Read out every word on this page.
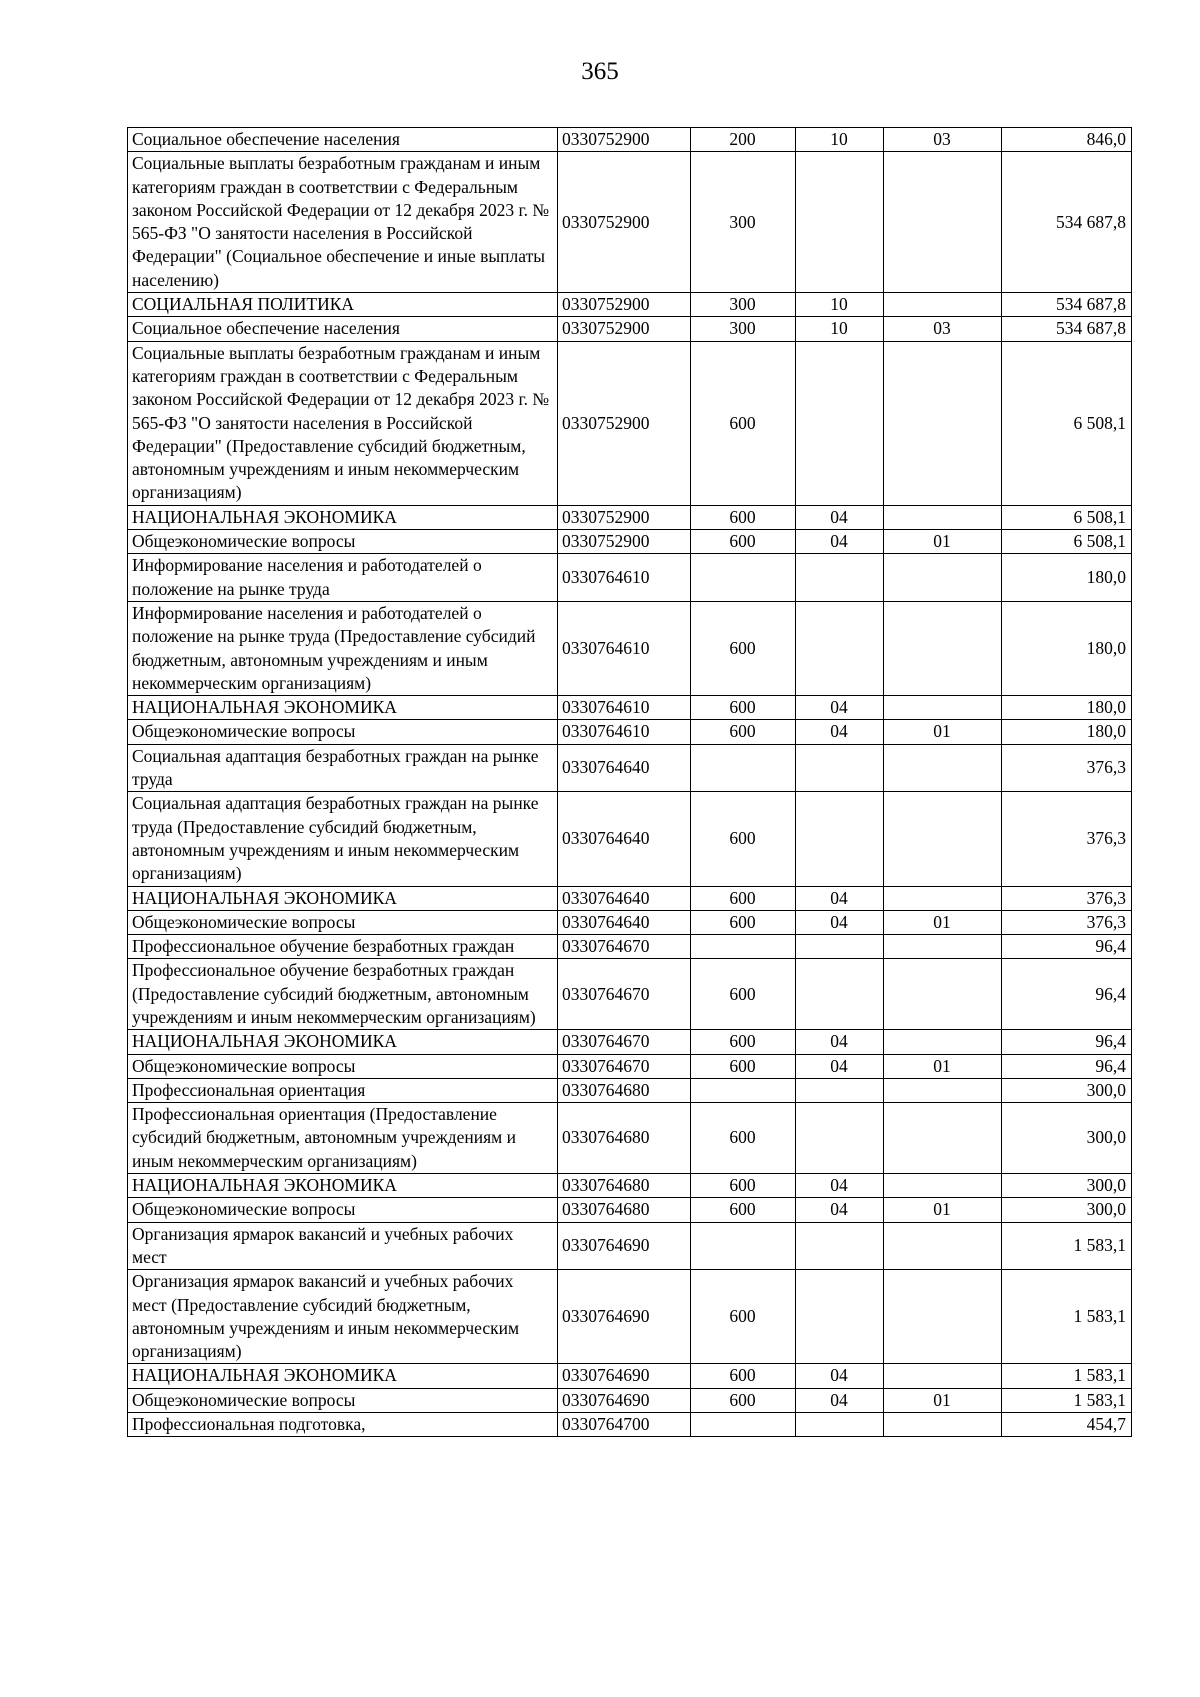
365
Социальное обеспечение населения	0330752900	200	10	03	846,0
Социальные выплаты безработным гражданам и иным категориям граждан в соответствии с Федеральным законом Российской Федерации от 12 декабря 2023 г. № 565-ФЗ "О занятости населения в Российской Федерации" (Социальное обеспечение и иные выплаты населению)	0330752900	300			534 687,8
СОЦИАЛЬНАЯ ПОЛИТИКА	0330752900	300	10		534 687,8
Социальное обеспечение населения	0330752900	300	10	03	534 687,8
Социальные выплаты безработным гражданам и иным категориям граждан в соответствии с Федеральным законом Российской Федерации от 12 декабря 2023 г. № 565-ФЗ "О занятости населения в Российской Федерации" (Предоставление субсидий бюджетным, автономным учреждениям и иным некоммерческим организациям)	0330752900	600			6 508,1
НАЦИОНАЛЬНАЯ ЭКОНОМИКА	0330752900	600	04		6 508,1
Общеэкономические вопросы	0330752900	600	04	01	6 508,1
Информирование населения и работодателей о положение на рынке труда	0330764610				180,0
Информирование населения и работодателей о положение на рынке труда (Предоставление субсидий бюджетным, автономным учреждениям и иным некоммерческим организациям)	0330764610	600			180,0
НАЦИОНАЛЬНАЯ ЭКОНОМИКА	0330764610	600	04		180,0
Общеэкономические вопросы	0330764610	600	04	01	180,0
Социальная адаптация безработных граждан на рынке труда	0330764640				376,3
Социальная адаптация безработных граждан на рынке труда (Предоставление субсидий бюджетным, автономным учреждениям и иным некоммерческим организациям)	0330764640	600			376,3
НАЦИОНАЛЬНАЯ ЭКОНОМИКА	0330764640	600	04		376,3
Общеэкономические вопросы	0330764640	600	04	01	376,3
Профессиональное обучение безработных граждан	0330764670				96,4
Профессиональное обучение безработных граждан (Предоставление субсидий бюджетным, автономным учреждениям и иным некоммерческим организациям)	0330764670	600			96,4
НАЦИОНАЛЬНАЯ ЭКОНОМИКА	0330764670	600	04		96,4
Общеэкономические вопросы	0330764670	600	04	01	96,4
Профессиональная ориентация	0330764680				300,0
Профессиональная ориентация (Предоставление субсидий бюджетным, автономным учреждениям и иным некоммерческим организациям)	0330764680	600			300,0
НАЦИОНАЛЬНАЯ ЭКОНОМИКА	0330764680	600	04		300,0
Общеэкономические вопросы	0330764680	600	04	01	300,0
Организация ярмарок вакансий и учебных рабочих мест	0330764690				1 583,1
Организация ярмарок вакансий и учебных рабочих мест (Предоставление субсидий бюджетным, автономным учреждениям и иным некоммерческим организациям)	0330764690	600			1 583,1
НАЦИОНАЛЬНАЯ ЭКОНОМИКА	0330764690	600	04		1 583,1
Общеэкономические вопросы	0330764690	600	04	01	1 583,1
Профессиональная подготовка,	0330764700				454,7
